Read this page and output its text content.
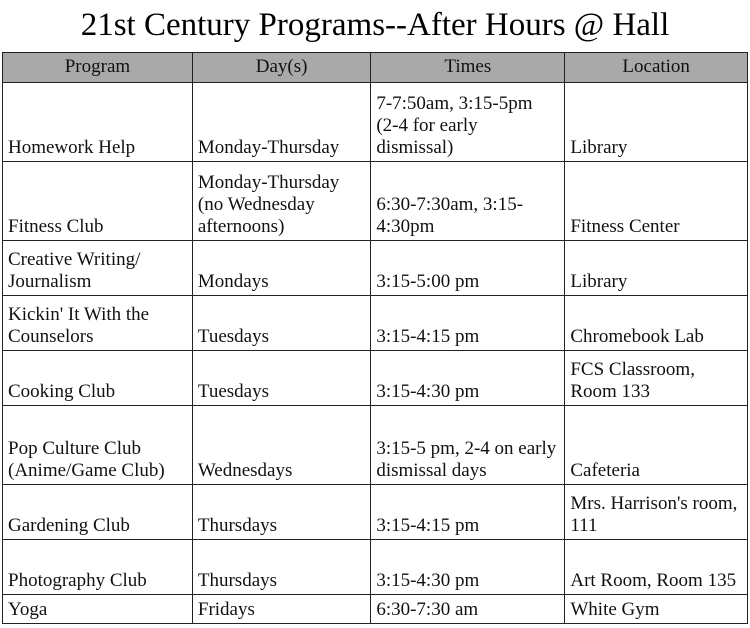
21st Century Programs--After Hours @ Hall
Program	Day(s)	Times	Location
Homework Help	Monday-Thursday	7-7:50am, 3:15-5pm (2-4 for early dismissal)	Library
Fitness Club	Monday-Thursday (no Wednesday afternoons)	6:30-7:30am, 3:15-4:30pm	Fitness Center
Creative Writing/ Journalism	Mondays	3:15-5:00 pm	Library
Kickin' It With the Counselors	Tuesdays	3:15-4:15 pm	Chromebook Lab
Cooking Club	Tuesdays	3:15-4:30 pm	FCS Classroom, Room 133
Pop Culture Club (Anime/Game Club)	Wednesdays	3:15-5 pm, 2-4 on early dismissal days	Cafeteria
Gardening Club	Thursdays	3:15-4:15 pm	Mrs. Harrison's room, 111
Photography Club	Thursdays	3:15-4:30 pm	Art Room, Room 135
Yoga	Fridays	6:30-7:30 am	White Gym
